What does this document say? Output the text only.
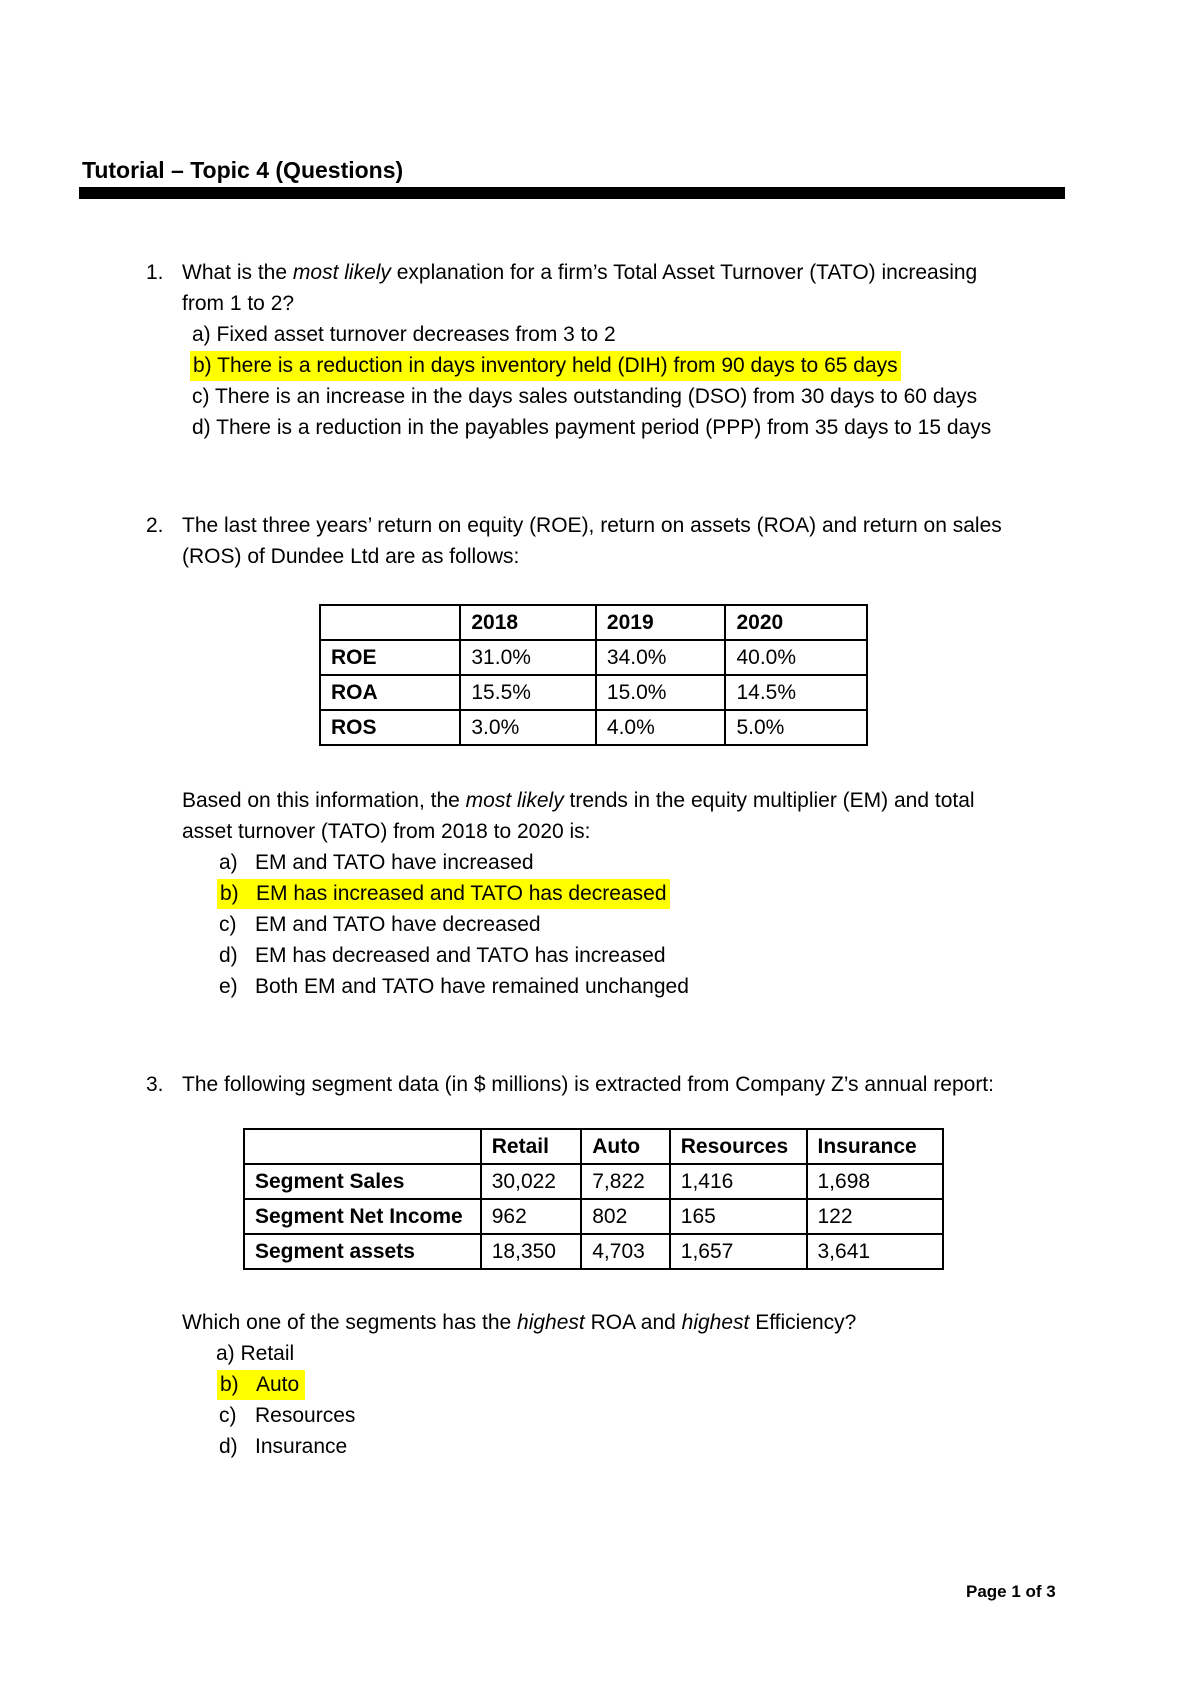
Tutorial – Topic 4 (Questions)
1. What is the most likely explanation for a firm’s Total Asset Turnover (TATO) increasing
from 1 to 2?
a) Fixed asset turnover decreases from 3 to 2
b) There is a reduction in days inventory held (DIH) from 90 days to 65 days
c) There is an increase in the days sales outstanding (DSO) from 30 days to 60 days
d) There is a reduction in the payables payment period (PPP) from 35 days to 15 days
2. The last three years’ return on equity (ROE), return on assets (ROA) and return on sales
(ROS) of Dundee Ltd are as follows:
	2018	2019	2020
ROE	31.0%	34.0%	40.0%
ROA	15.5%	15.0%	14.5%
ROS	3.0%	4.0%	5.0%
Based on this information, the most likely trends in the equity multiplier (EM) and total
asset turnover (TATO) from 2018 to 2020 is:
a) EM and TATO have increased
b) EM has increased and TATO has decreased
c) EM and TATO have decreased
d) EM has decreased and TATO has increased
e) Both EM and TATO have remained unchanged
3. The following segment data (in $ millions) is extracted from Company Z’s annual report:
	Retail	Auto	Resources	Insurance
Segment Sales	30,022	7,822	1,416	1,698
Segment Net Income	962	802	165	122
Segment assets	18,350	4,703	1,657	3,641
Which one of the segments has the highest ROA and highest Efficiency?
a) Retail
b) Auto
c) Resources
d) Insurance
Page 1 of 3
